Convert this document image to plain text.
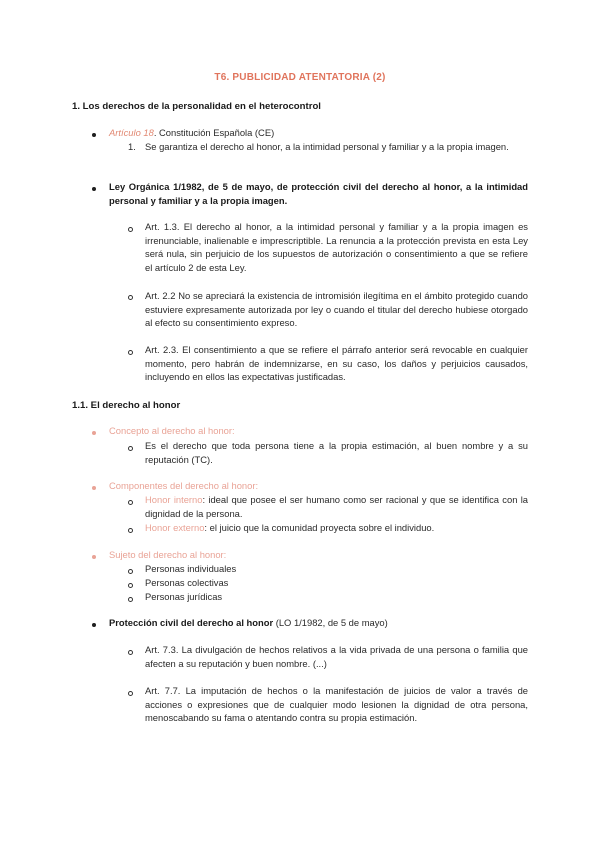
T6. PUBLICIDAD ATENTATORIA (2)
1. Los derechos de la personalidad en el heterocontrol
Artículo 18. Constitución Española (CE)
1. Se garantiza el derecho al honor, a la intimidad personal y familiar y a la propia imagen.
Ley Orgánica 1/1982, de 5 de mayo, de protección civil del derecho al honor, a la intimidad personal y familiar y a la propia imagen.
Art. 1.3. El derecho al honor, a la intimidad personal y familiar y a la propia imagen es irrenunciable, inalienable e imprescriptible. La renuncia a la protección prevista en esta Ley será nula, sin perjuicio de los supuestos de autorización o consentimiento a que se refiere el artículo 2 de esta Ley.
Art. 2.2 No se apreciará la existencia de intromisión ilegítima en el ámbito protegido cuando estuviere expresamente autorizada por ley o cuando el titular del derecho hubiese otorgado al efecto su consentimiento expreso.
Art. 2.3. El consentimiento a que se refiere el párrafo anterior será revocable en cualquier momento, pero habrán de indemnizarse, en su caso, los daños y perjuicios causados, incluyendo en ellos las expectativas justificadas.
1.1. El derecho al honor
Concepto al derecho al honor:
Es el derecho que toda persona tiene a la propia estimación, al buen nombre y a su reputación (TC).
Componentes del derecho al honor:
Honor interno: ideal que posee el ser humano como ser racional y que se identifica con la dignidad de la persona.
Honor externo: el juicio que la comunidad proyecta sobre el individuo.
Sujeto del derecho al honor:
Personas individuales
Personas colectivas
Personas jurídicas
Protección civil del derecho al honor (LO 1/1982, de 5 de mayo)
Art. 7.3. La divulgación de hechos relativos a la vida privada de una persona o familia que afecten a su reputación y buen nombre. (...)
Art. 7.7. La imputación de hechos o la manifestación de juicios de valor a través de acciones o expresiones que de cualquier modo lesionen la dignidad de otra persona, menoscabando su fama o atentando contra su propia estimación.
